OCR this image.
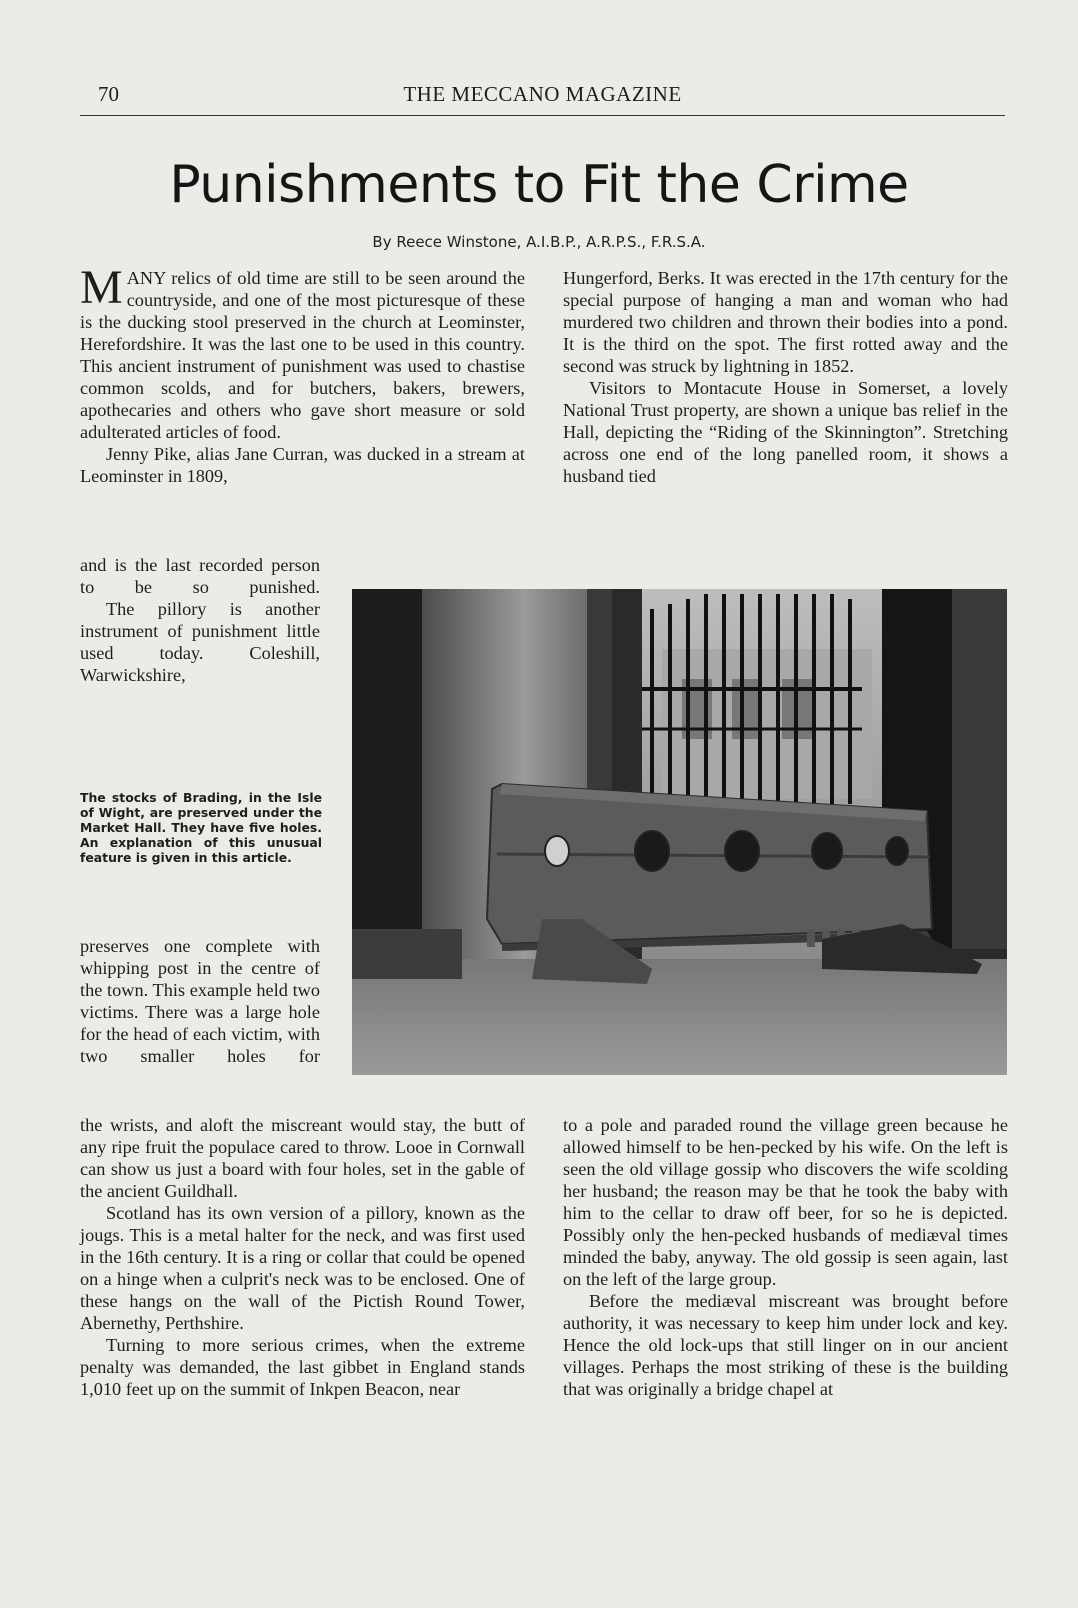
70	THE MECCANO MAGAZINE
Punishments to Fit the Crime
By Reece Winstone, A.I.B.P., A.R.P.S., F.R.S.A.

MANY relics of old time are still to be seen around the countryside, and one of the most picturesque of these is the ducking stool preserved in the church at Leominster, Herefordshire. It was the last one to be used in this country. This ancient instrument of punishment was used to chastise common scolds, and for butchers, bakers, brewers, apothecaries and others who gave short measure or sold adulterated articles of food.

Jenny Pike, alias Jane Curran, was ducked in a stream at Leominster in 1809,

and is the last recorded person to be so punished.

The pillory is another instrument of punishment little used today. Coleshill, Warwickshire,

The stocks of Brading, in the Isle of Wight, are preserved under the Market Hall. They have five holes. An explanation of this unusual feature is given in this article.

preserves one complete with whipping post in the centre of the town. This example held two victims. There was a large hole for the head of each victim, with two smaller holes for

the wrists, and aloft the miscreant would stay, the butt of any ripe fruit the populace cared to throw. Looe in Cornwall can show us just a board with four holes, set in the gable of the ancient Guildhall.

Scotland has its own version of a pillory, known as the jougs. This is a metal halter for the neck, and was first used in the 16th century. It is a ring or collar that could be opened on a hinge when a culprit's neck was to be enclosed. One of these hangs on the wall of the Pictish Round Tower, Abernethy, Perthshire.

Turning to more serious crimes, when the extreme penalty was demanded, the last gibbet in England stands 1,010 feet up on the summit of Inkpen Beacon, near

Hungerford, Berks. It was erected in the 17th century for the special purpose of hanging a man and woman who had murdered two children and thrown their bodies into a pond. It is the third on the spot. The first rotted away and the second was struck by lightning in 1852.

Visitors to Montacute House in Somerset, a lovely National Trust property, are shown a unique bas relief in the Hall, depicting the “Riding of the Skinnington”. Stretching across one end of the long panelled room, it shows a husband tied

to a pole and paraded round the village green because he allowed himself to be hen-pecked by his wife. On the left is seen the old village gossip who discovers the wife scolding her husband; the reason may be that he took the baby with him to the cellar to draw off beer, for so he is depicted. Possibly only the hen-pecked husbands of mediæval times minded the baby, anyway. The old gossip is seen again, last on the left of the large group.

Before the mediæval miscreant was brought before authority, it was necessary to keep him under lock and key. Hence the old lock-ups that still linger on in our ancient villages. Perhaps the most striking of these is the building that was originally a bridge chapel at
